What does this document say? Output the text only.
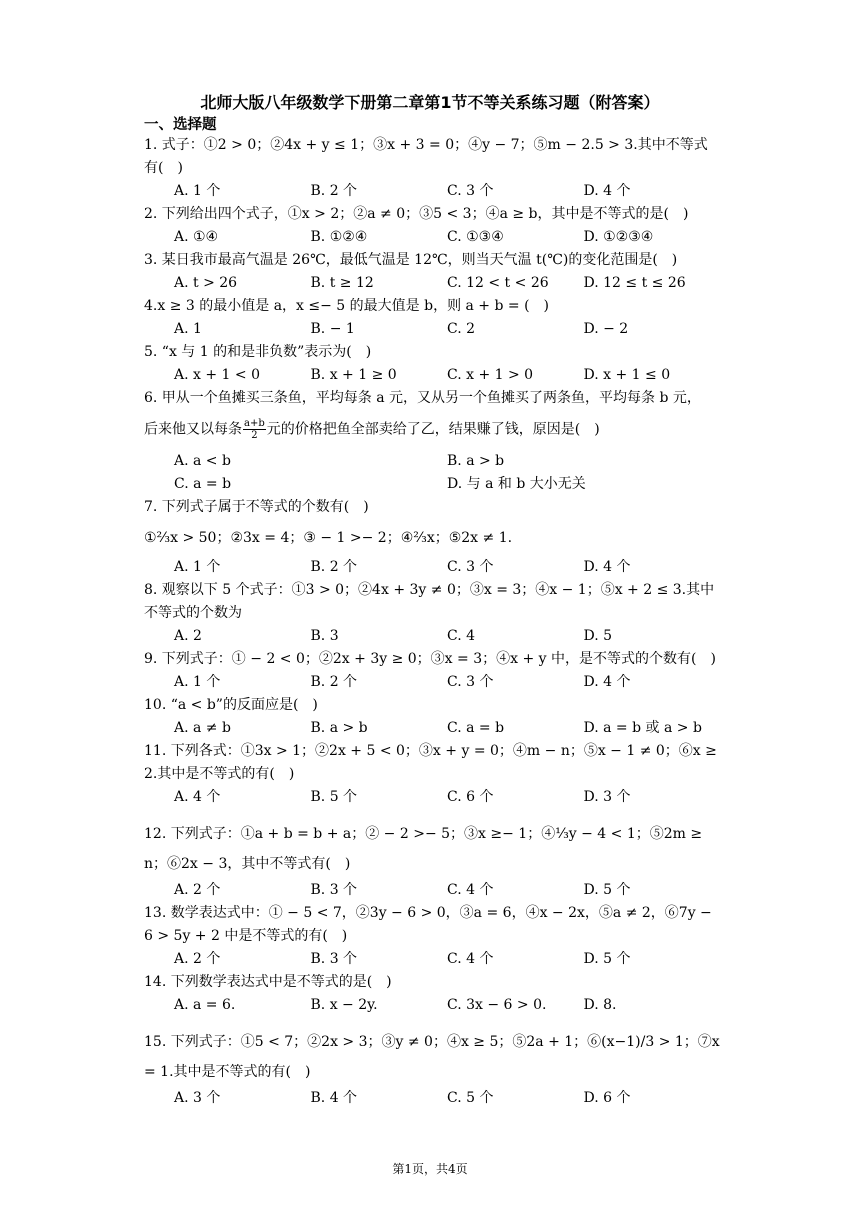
北师大版八年级数学下册第二章第1节不等关系练习题（附答案）
一、选择题
1. 式子：①2 > 0；②4x + y ≤ 1；③x + 3 = 0；④y − 7；⑤m − 2.5 > 3.其中不等式有(　)
A. 1 个	B. 2 个	C. 3 个	D. 4 个
2. 下列给出四个式子，①x > 2；②a ≠ 0；③5 < 3；④a ≥ b，其中是不等式的是(　)
A. ①④	B. ①②④	C. ①③④	D. ①②③④
3. 某日我市最高气温是 26℃，最低气温是 12℃，则当天气温 t(℃)的变化范围是(　)
A. t > 26	B. t ≥ 12	C. 12 < t < 26	D. 12 ≤ t ≤ 26
4.x ≥ 3 的最小值是 a，x ≤− 5 的最大值是 b，则 a + b = (　)
A. 1	B. − 1	C. 2	D. − 2
5. “x 与 1 的和是非负数”表示为(　)
A. x + 1 < 0	B. x + 1 ≥ 0	C. x + 1 > 0	D. x + 1 ≤ 0
6. 甲从一个鱼摊买三条鱼，平均每条 a 元，又从另一个鱼摊买了两条鱼，平均每条 b 元，
后来他又以每条 $\frac{a+b}{2}$ 元的价格把鱼全部卖给了乙，结果赚了钱，原因是(　)
A. a < b	B. a > b
C. a = b	D. 与 a 和 b 大小无关
7. 下列式子属于不等式的个数有(　)
①⅔x > 50；②3x = 4；③ − 1 >− 2；④⅔x；⑤2x ≠ 1.
A. 1 个	B. 2 个	C. 3 个	D. 4 个
8. 观察以下 5 个式子：①3 > 0；②4x + 3y ≠ 0；③x = 3；④x − 1；⑤x + 2 ≤ 3.其中不等式的个数为
A. 2	B. 3	C. 4	D. 5
9. 下列式子：① − 2 < 0；②2x + 3y ≥ 0；③x = 3；④x + y 中，是不等式的个数有(　)
A. 1 个	B. 2 个	C. 3 个	D. 4 个
10. “a < b”的反面应是(　)
A. a ≠ b	B. a > b	C. a = b	D. a = b 或 a > b
11. 下列各式：①3x > 1；②2x + 5 < 0；③x + y = 0；④m − n；⑤x − 1 ≠ 0；⑥x ≥ 2.其中是不等式的有(　)
A. 4 个	B. 5 个	C. 6 个	D. 3 个
12. 下列式子：①a + b = b + a；② − 2 >− 5；③x ≥− 1；④⅓y − 4 < 1；⑤2m ≥ n；⑥2x − 3，其中不等式有(　)
A. 2 个	B. 3 个	C. 4 个	D. 5 个
13. 数学表达式中：① − 5 < 7，②3y − 6 > 0，③a = 6，④x − 2x，⑤a ≠ 2，⑥7y − 6 > 5y + 2 中是不等式的有(　)
A. 2 个	B. 3 个	C. 4 个	D. 5 个
14. 下列数学表达式中是不等式的是(　)
A. a = 6.	B. x − 2y.	C. 3x − 6 > 0.	D. 8.
15. 下列式子：①5 < 7；②2x > 3；③y ≠ 0；④x ≥ 5；⑤2a + 1；⑥(x−1)/3 > 1；⑦x = 1.其中是不等式的有(　)
A. 3 个	B. 4 个	C. 5 个	D. 6 个
第1页，共4页
